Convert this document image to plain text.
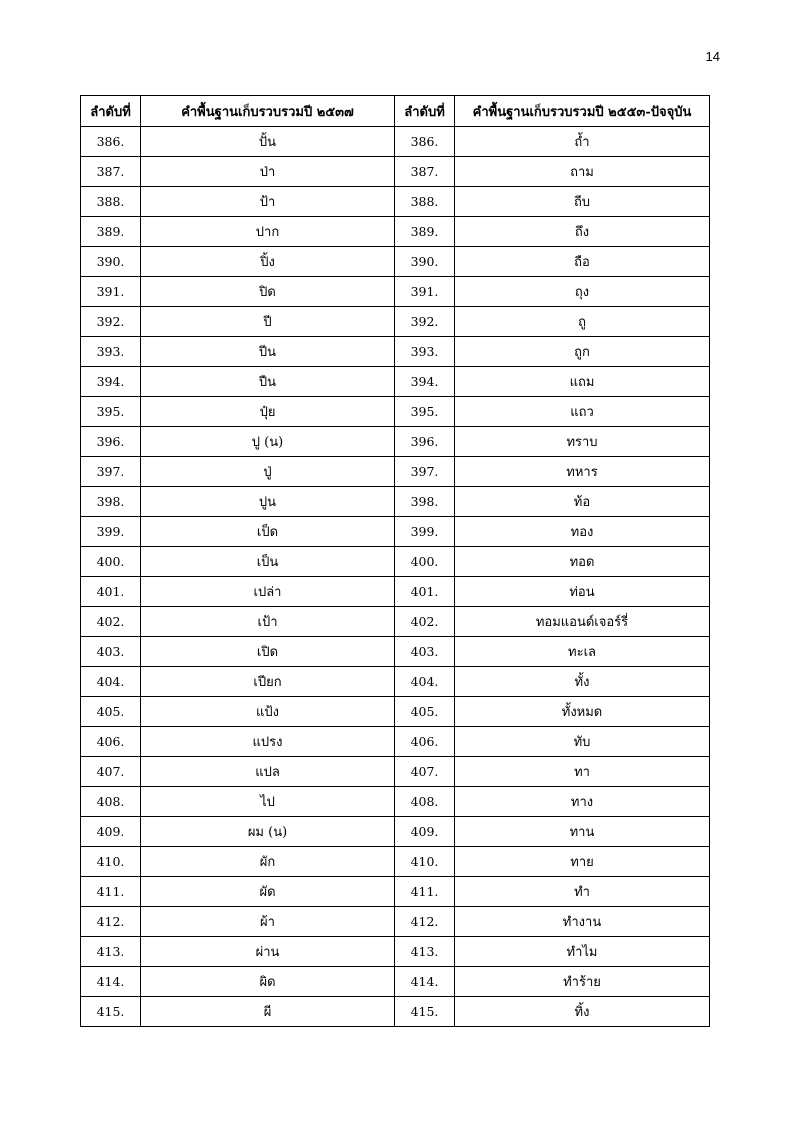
14
ลำดับที่	คำพื้นฐานเก็บรวบรวมปี ๒๕๓๗	ลำดับที่	คำพื้นฐานเก็บรวบรวมปี ๒๕๕๓-ปัจจุบัน
386.	ปั้น	386.	ถ้ำ
387.	ป่า	387.	ถาม
388.	ป้า	388.	ถีบ
389.	ปาก	389.	ถึง
390.	ปิ้ง	390.	ถือ
391.	ปิด	391.	ถุง
392.	ปี	392.	ถู
393.	ปีน	393.	ถูก
394.	ปืน	394.	แถม
395.	ปุ๋ย	395.	แถว
396.	ปู (น)	396.	ทราบ
397.	ปู่	397.	ทหาร
398.	ปูน	398.	ท้อ
399.	เป็ด	399.	ทอง
400.	เป็น	400.	ทอด
401.	เปล่า	401.	ท่อน
402.	เป้า	402.	ทอมแอนด์เจอร์รี่
403.	เปิด	403.	ทะเล
404.	เปียก	404.	ทั้ง
405.	แป้ง	405.	ทั้งหมด
406.	แปรง	406.	ทับ
407.	แปล	407.	ทา
408.	ไป	408.	ทาง
409.	ผม (น)	409.	ทาน
410.	ผัก	410.	ทาย
411.	ผัด	411.	ทำ
412.	ผ้า	412.	ทำงาน
413.	ผ่าน	413.	ทำไม
414.	ผิด	414.	ทำร้าย
415.	ผี	415.	ทิ้ง
